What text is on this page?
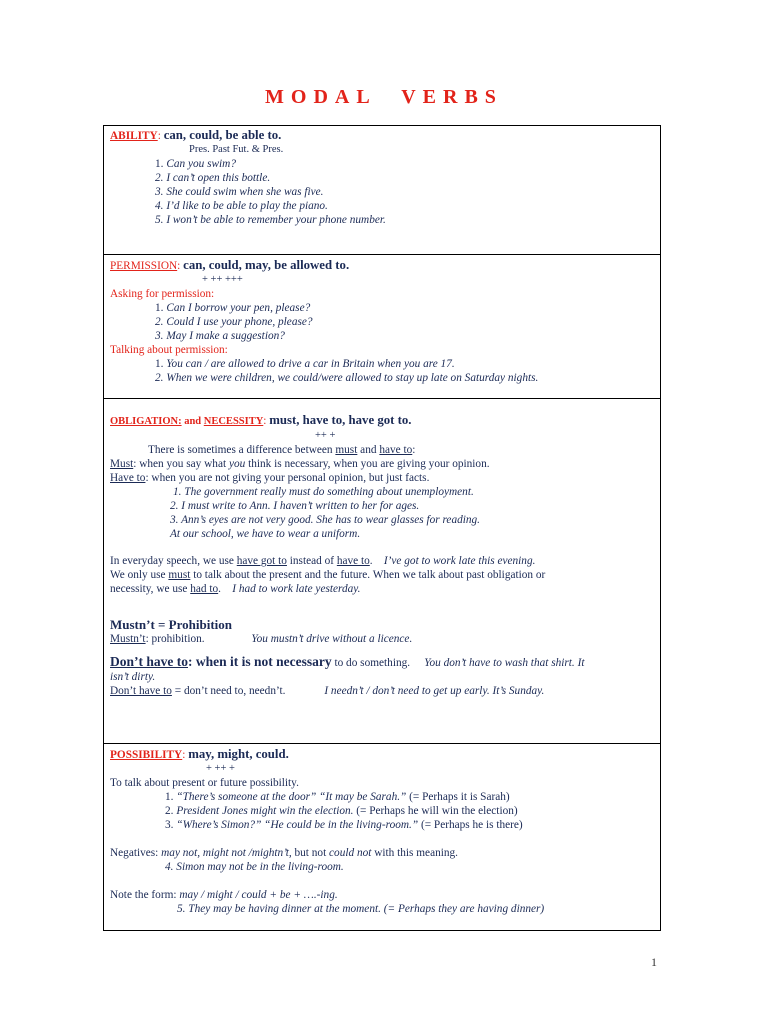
MODAL VERBS
ABILITY: can, could, be able to.
Pres. Past Fut. & Pres.
1. Can you swim?
2. I can’t open this bottle.
3. She could swim when she was five.
4. I’d like to be able to play the piano.
5. I won’t be able to remember your phone number.
PERMISSION: can, could, may, be allowed to.
+ ++ +++
Asking for permission:
1. Can I borrow your pen, please?
2. Could I use your phone, please?
3. May I make a suggestion?
Talking about permission:
1. You can / are allowed to drive a car in Britain when you are 17.
2. When we were children, we could/were allowed to stay up late on Saturday nights.
OBLIGATION: and NECESSITY: must, have to, have got to.
++ +
There is sometimes a difference between must and have to:
Must: when you say what you think is necessary, when you are giving your opinion.
Have to: when you are not giving your personal opinion, but just facts.
1. The government really must do something about unemployment.
2. I must write to Ann. I haven’t written to her for ages.
3. Ann’s eyes are not very good. She has to wear glasses for reading.
At our school, we have to wear a uniform.
In everyday speech, we use have got to instead of have to. I’ve got to work late this evening.
We only use must to talk about the present and the future. When we talk about past obligation or
necessity, we use had to. I had to work late yesterday.
Mustn’t = Prohibition
Mustn’t: prohibition.	You mustn’t drive without a licence.
Don’t have to: when it is not necessary to do something. You don’t have to wash that shirt. It
isn’t dirty.
Don’t have to = don’t need to, needn’t.	I needn’t / don’t need to get up early. It’s Sunday.
POSSIBILITY: may, might, could.
+ ++ +
To talk about present or future possibility.
1. “There’s someone at the door” “It may be Sarah.” (= Perhaps it is Sarah)
2. President Jones might win the election. (= Perhaps he will win the election)
3. “Where’s Simon?” “He could be in the living-room.” (= Perhaps he is there)
Negatives: may not, might not /mightn’t, but not could not with this meaning.
4. Simon may not be in the living-room.
Note the form: may / might / could + be + ….-ing.
5. They may be having dinner at the moment. (= Perhaps they are having dinner)
1
